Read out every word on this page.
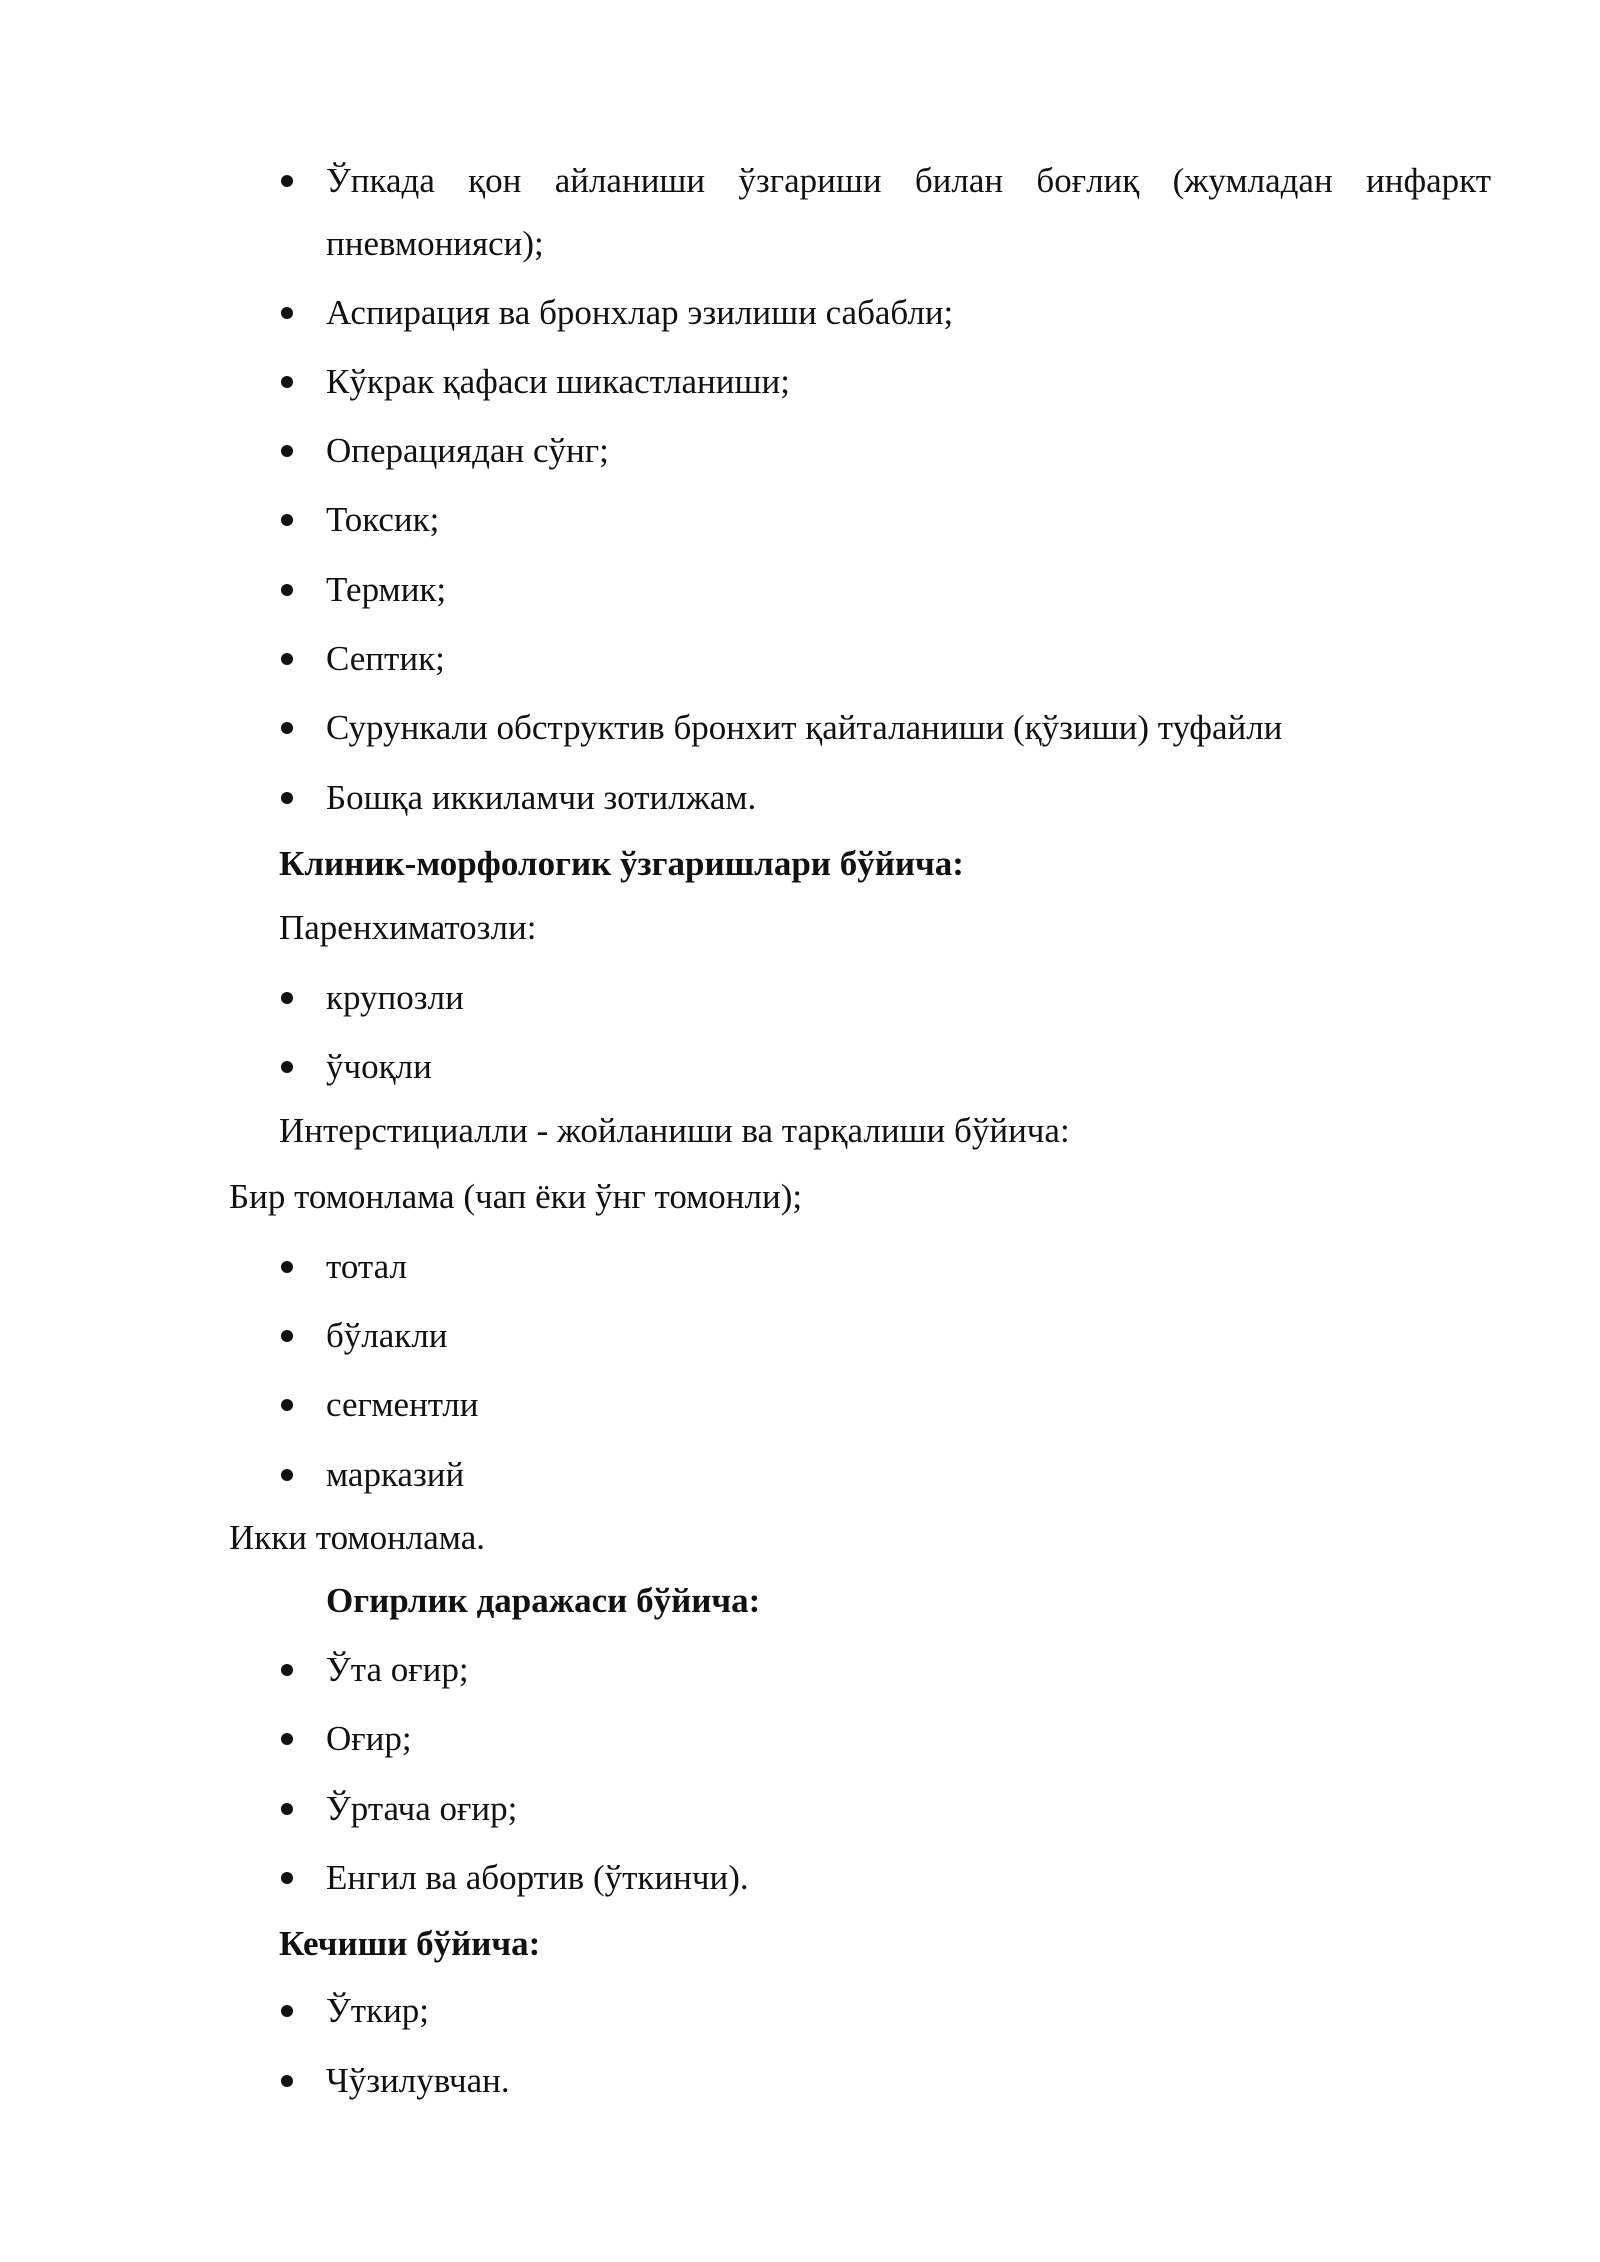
Ўпкада қон айланиши ўзгариши билан боғлиқ (жумладан инфаркт
пневмонияси);
Аспирация ва бронхлар эзилиши сабабли;
Кўкрак қафаси шикастланиши;
Операциядан сўнг;
Токсик;
Термик;
Септик;
Сурункали обструктив бронхит қайталаниши (қўзиши) туфайли
Бошқа иккиламчи зотилжам.
Клиник-морфологик ўзгаришлари бўйича:
Паренхиматозли:
крупозли
ўчоқли
Интерстициалли - жойланиши ва тарқалиши бўйича:
Бир томонлама (чап ёки ўнг томонли);
тотал
бўлакли
сегментли
марказий
Икки томонлама.
Огирлик даражаси бўйича:
Ўта оғир;
Оғир;
Ўртача оғир;
Енгил ва абортив (ўткинчи).
Кечиши бўйича:
Ўткир;
Чўзилувчан.
